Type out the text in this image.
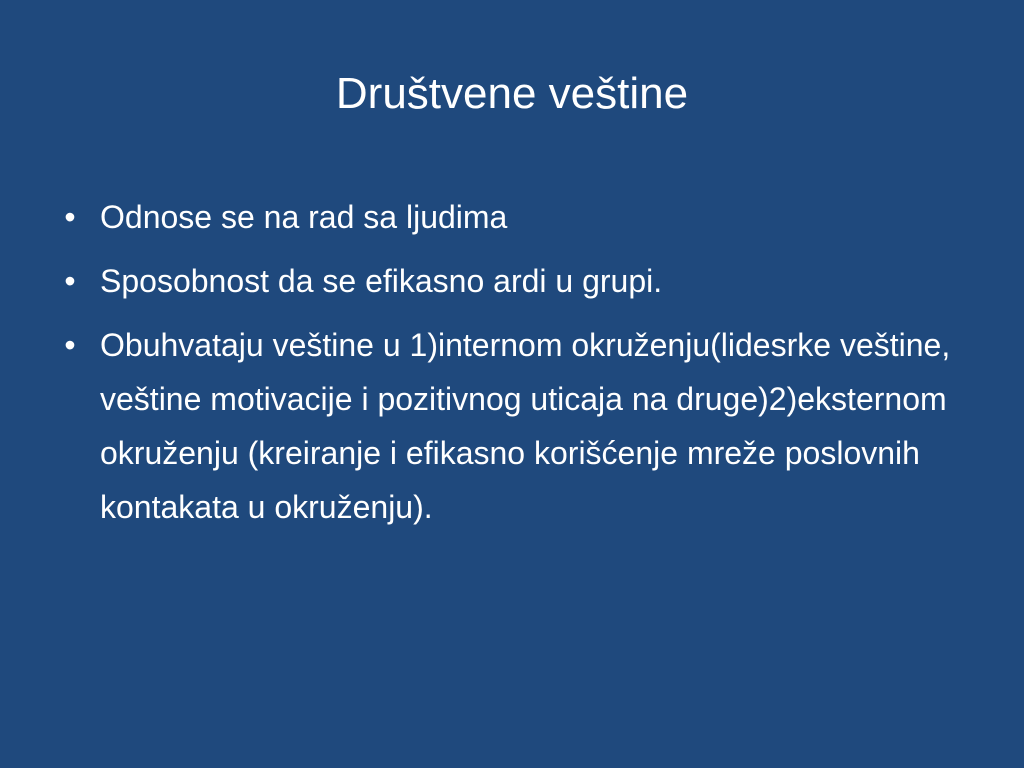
Društvene veštine
• Odnose se na rad sa ljudima
• Sposobnost da se efikasno ardi u grupi.
• Obuhvataju veštine u 1)internom okruženju(lidesrke veštine, veštine motivacije i pozitivnog uticaja na druge)2)eksternom okruženju (kreiranje i efikasno korišćenje mreže poslovnih kontakata u okruženju).
